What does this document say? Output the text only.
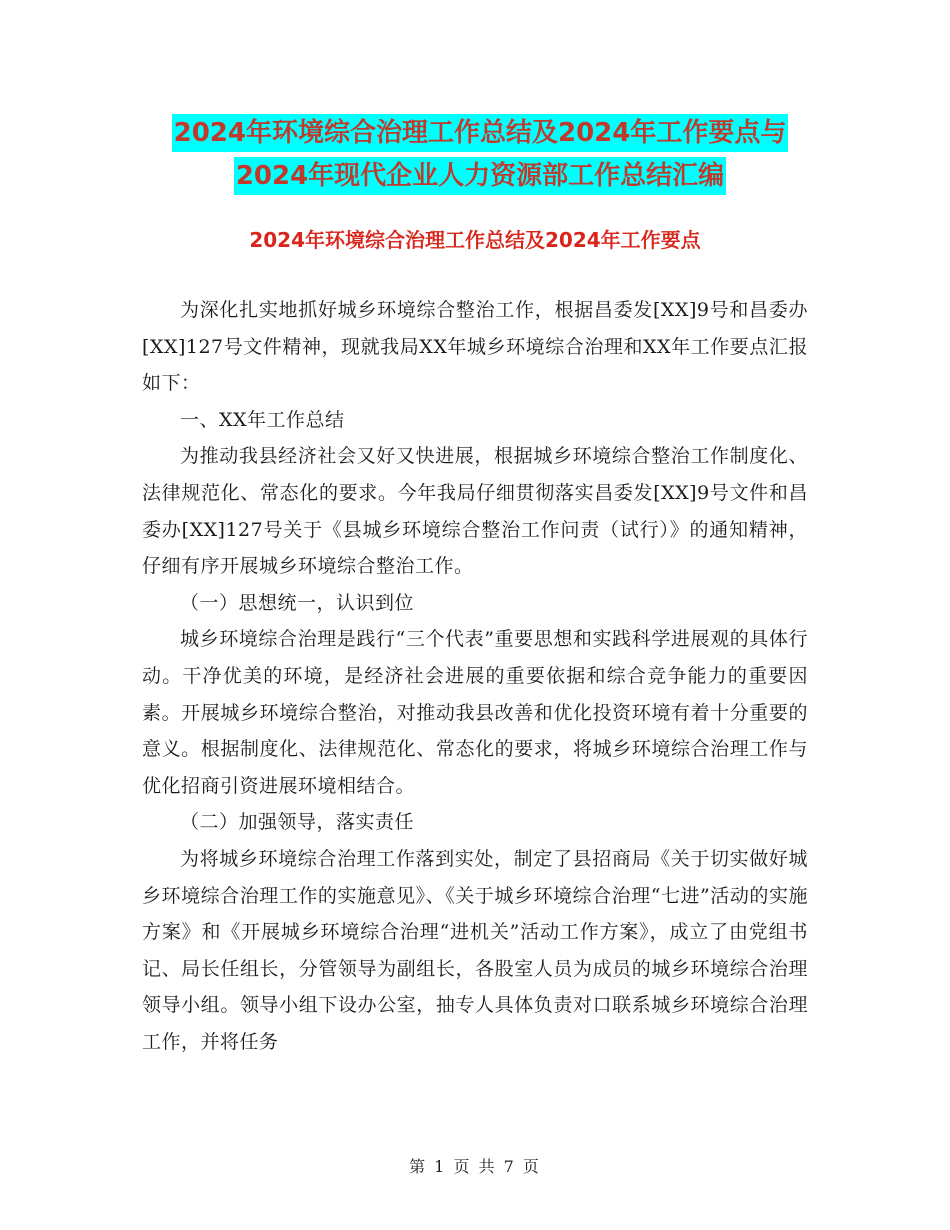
2024年环境综合治理工作总结及2024年工作要点与
2024年现代企业人力资源部工作总结汇编
2024年环境综合治理工作总结及2024年工作要点

为深化扎实地抓好城乡环境综合整治工作，根据昌委发[XX]9号和昌委办[XX]127号文件精神，现就我局XX年城乡环境综合治理和XX年工作要点汇报如下：

一、XX年工作总结

为推动我县经济社会又好又快进展，根据城乡环境综合整治工作制度化、法律规范化、常态化的要求。今年我局仔细贯彻落实昌委发[XX]9号文件和昌委办[XX]127号关于《县城乡环境综合整治工作问责（试行）》的通知精神，仔细有序开展城乡环境综合整治工作。

（一）思想统一，认识到位

城乡环境综合治理是践行“三个代表”重要思想和实践科学进展观的具体行动。干净优美的环境，是经济社会进展的重要依据和综合竞争能力的重要因素。开展城乡环境综合整治，对推动我县改善和优化投资环境有着十分重要的意义。根据制度化、法律规范化、常态化的要求，将城乡环境综合治理工作与优化招商引资进展环境相结合。

（二）加强领导，落实责任

为将城乡环境综合治理工作落到实处，制定了县招商局《关于切实做好城乡环境综合治理工作的实施意见》、《关于城乡环境综合治理“七进”活动的实施方案》和《开展城乡环境综合治理“进机关”活动工作方案》，成立了由党组书记、局长任组长，分管领导为副组长，各股室人员为成员的城乡环境综合治理领导小组。领导小组下设办公室，抽专人具体负责对口联系城乡环境综合治理工作，并将任务

第 1 页 共 7 页
